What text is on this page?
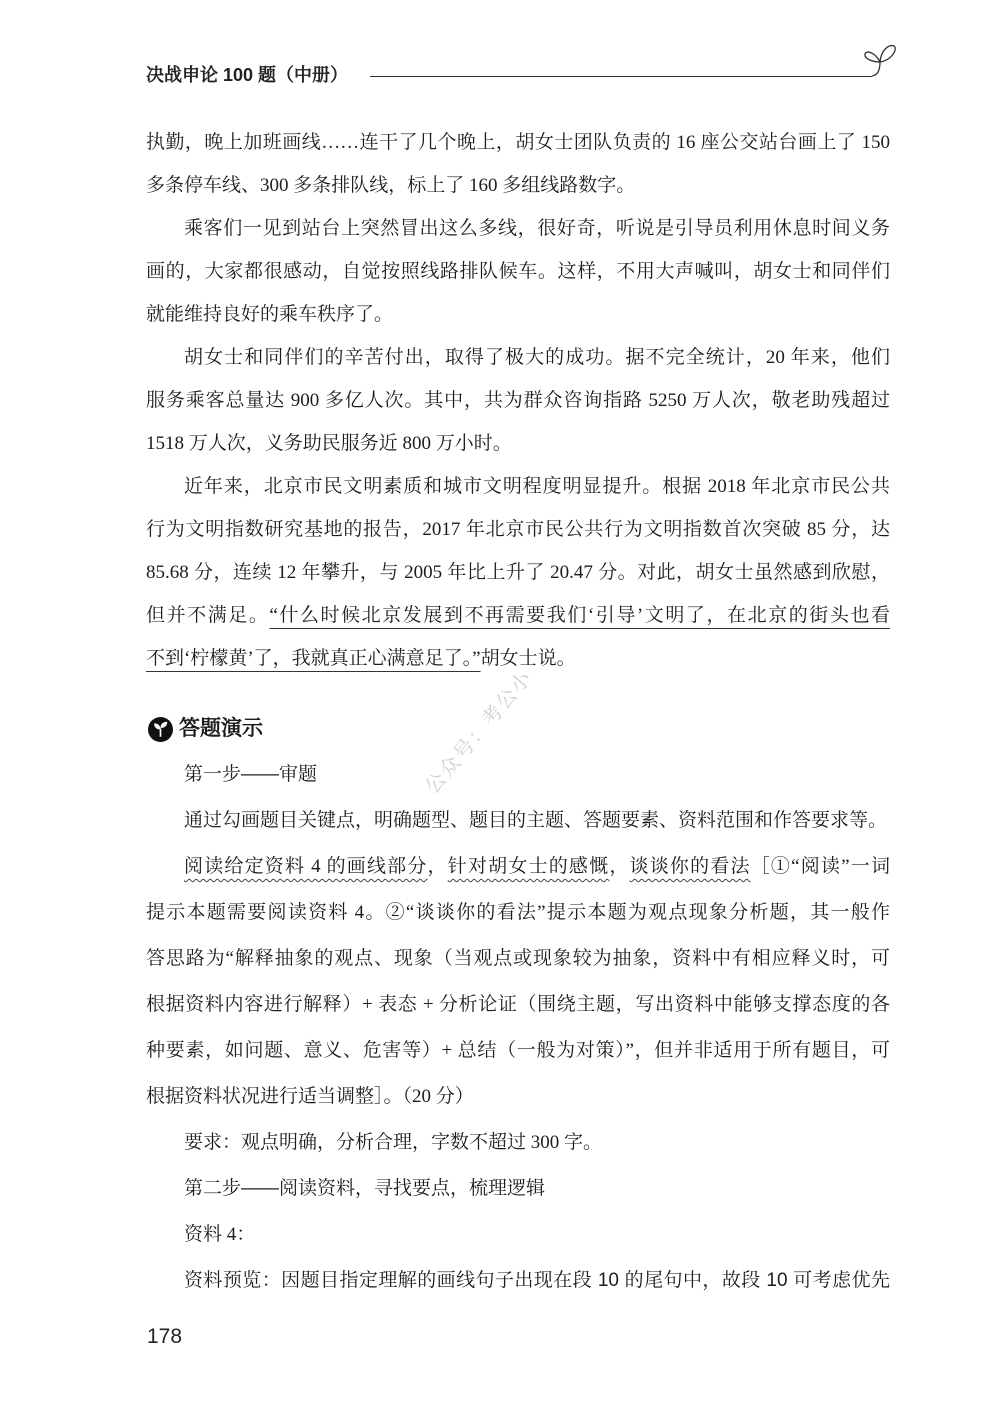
决战申论 100 题（中册）
执勤，晚上加班画线……连干了几个晚上，胡女士团队负责的 16 座公交站台画上了 150
多条停车线、300 多条排队线，标上了 160 多组线路数字。
乘客们一见到站台上突然冒出这么多线，很好奇，听说是引导员利用休息时间义务
画的，大家都很感动，自觉按照线路排队候车。这样，不用大声喊叫，胡女士和同伴们
就能维持良好的乘车秩序了。
胡女士和同伴们的辛苦付出，取得了极大的成功。据不完全统计，20 年来，他们
服务乘客总量达 900 多亿人次。其中，共为群众咨询指路 5250 万人次，敬老助残超过
1518 万人次，义务助民服务近 800 万小时。
近年来，北京市民文明素质和城市文明程度明显提升。根据 2018 年北京市民公共
行为文明指数研究基地的报告，2017 年北京市民公共行为文明指数首次突破 85 分，达
85.68 分，连续 12 年攀升，与 2005 年比上升了 20.47 分。对此，胡女士虽然感到欣慰，
但并不满足。“什么时候北京发展到不再需要我们‘引导’文明了，在北京的街头也看
不到‘柠檬黄’了，我就真正心满意足了。”胡女士说。
答题演示
第一步——审题
通过勾画题目关键点，明确题型、题目的主题、答题要素、资料范围和作答要求等。
阅读给定资料 4 的画线部分，针对胡女士的感慨，谈谈你的看法［①“阅读”一词
提示本题需要阅读资料 4。②“谈谈你的看法”提示本题为观点现象分析题，其一般作
答思路为“解释抽象的观点、现象（当观点或现象较为抽象，资料中有相应释义时，可
根据资料内容进行解释）+ 表态 + 分析论证（围绕主题，写出资料中能够支撑态度的各
种要素，如问题、意义、危害等）+ 总结（一般为对策）”，但并非适用于所有题目，可
根据资料状况进行适当调整］。（20 分）
要求：观点明确，分析合理，字数不超过 300 字。
第二步——阅读资料，寻找要点，梳理逻辑
资料 4：
资料预览：因题目指定理解的画线句子出现在段 10 的尾句中，故段 10 可考虑优先
公众号：考公小
178
